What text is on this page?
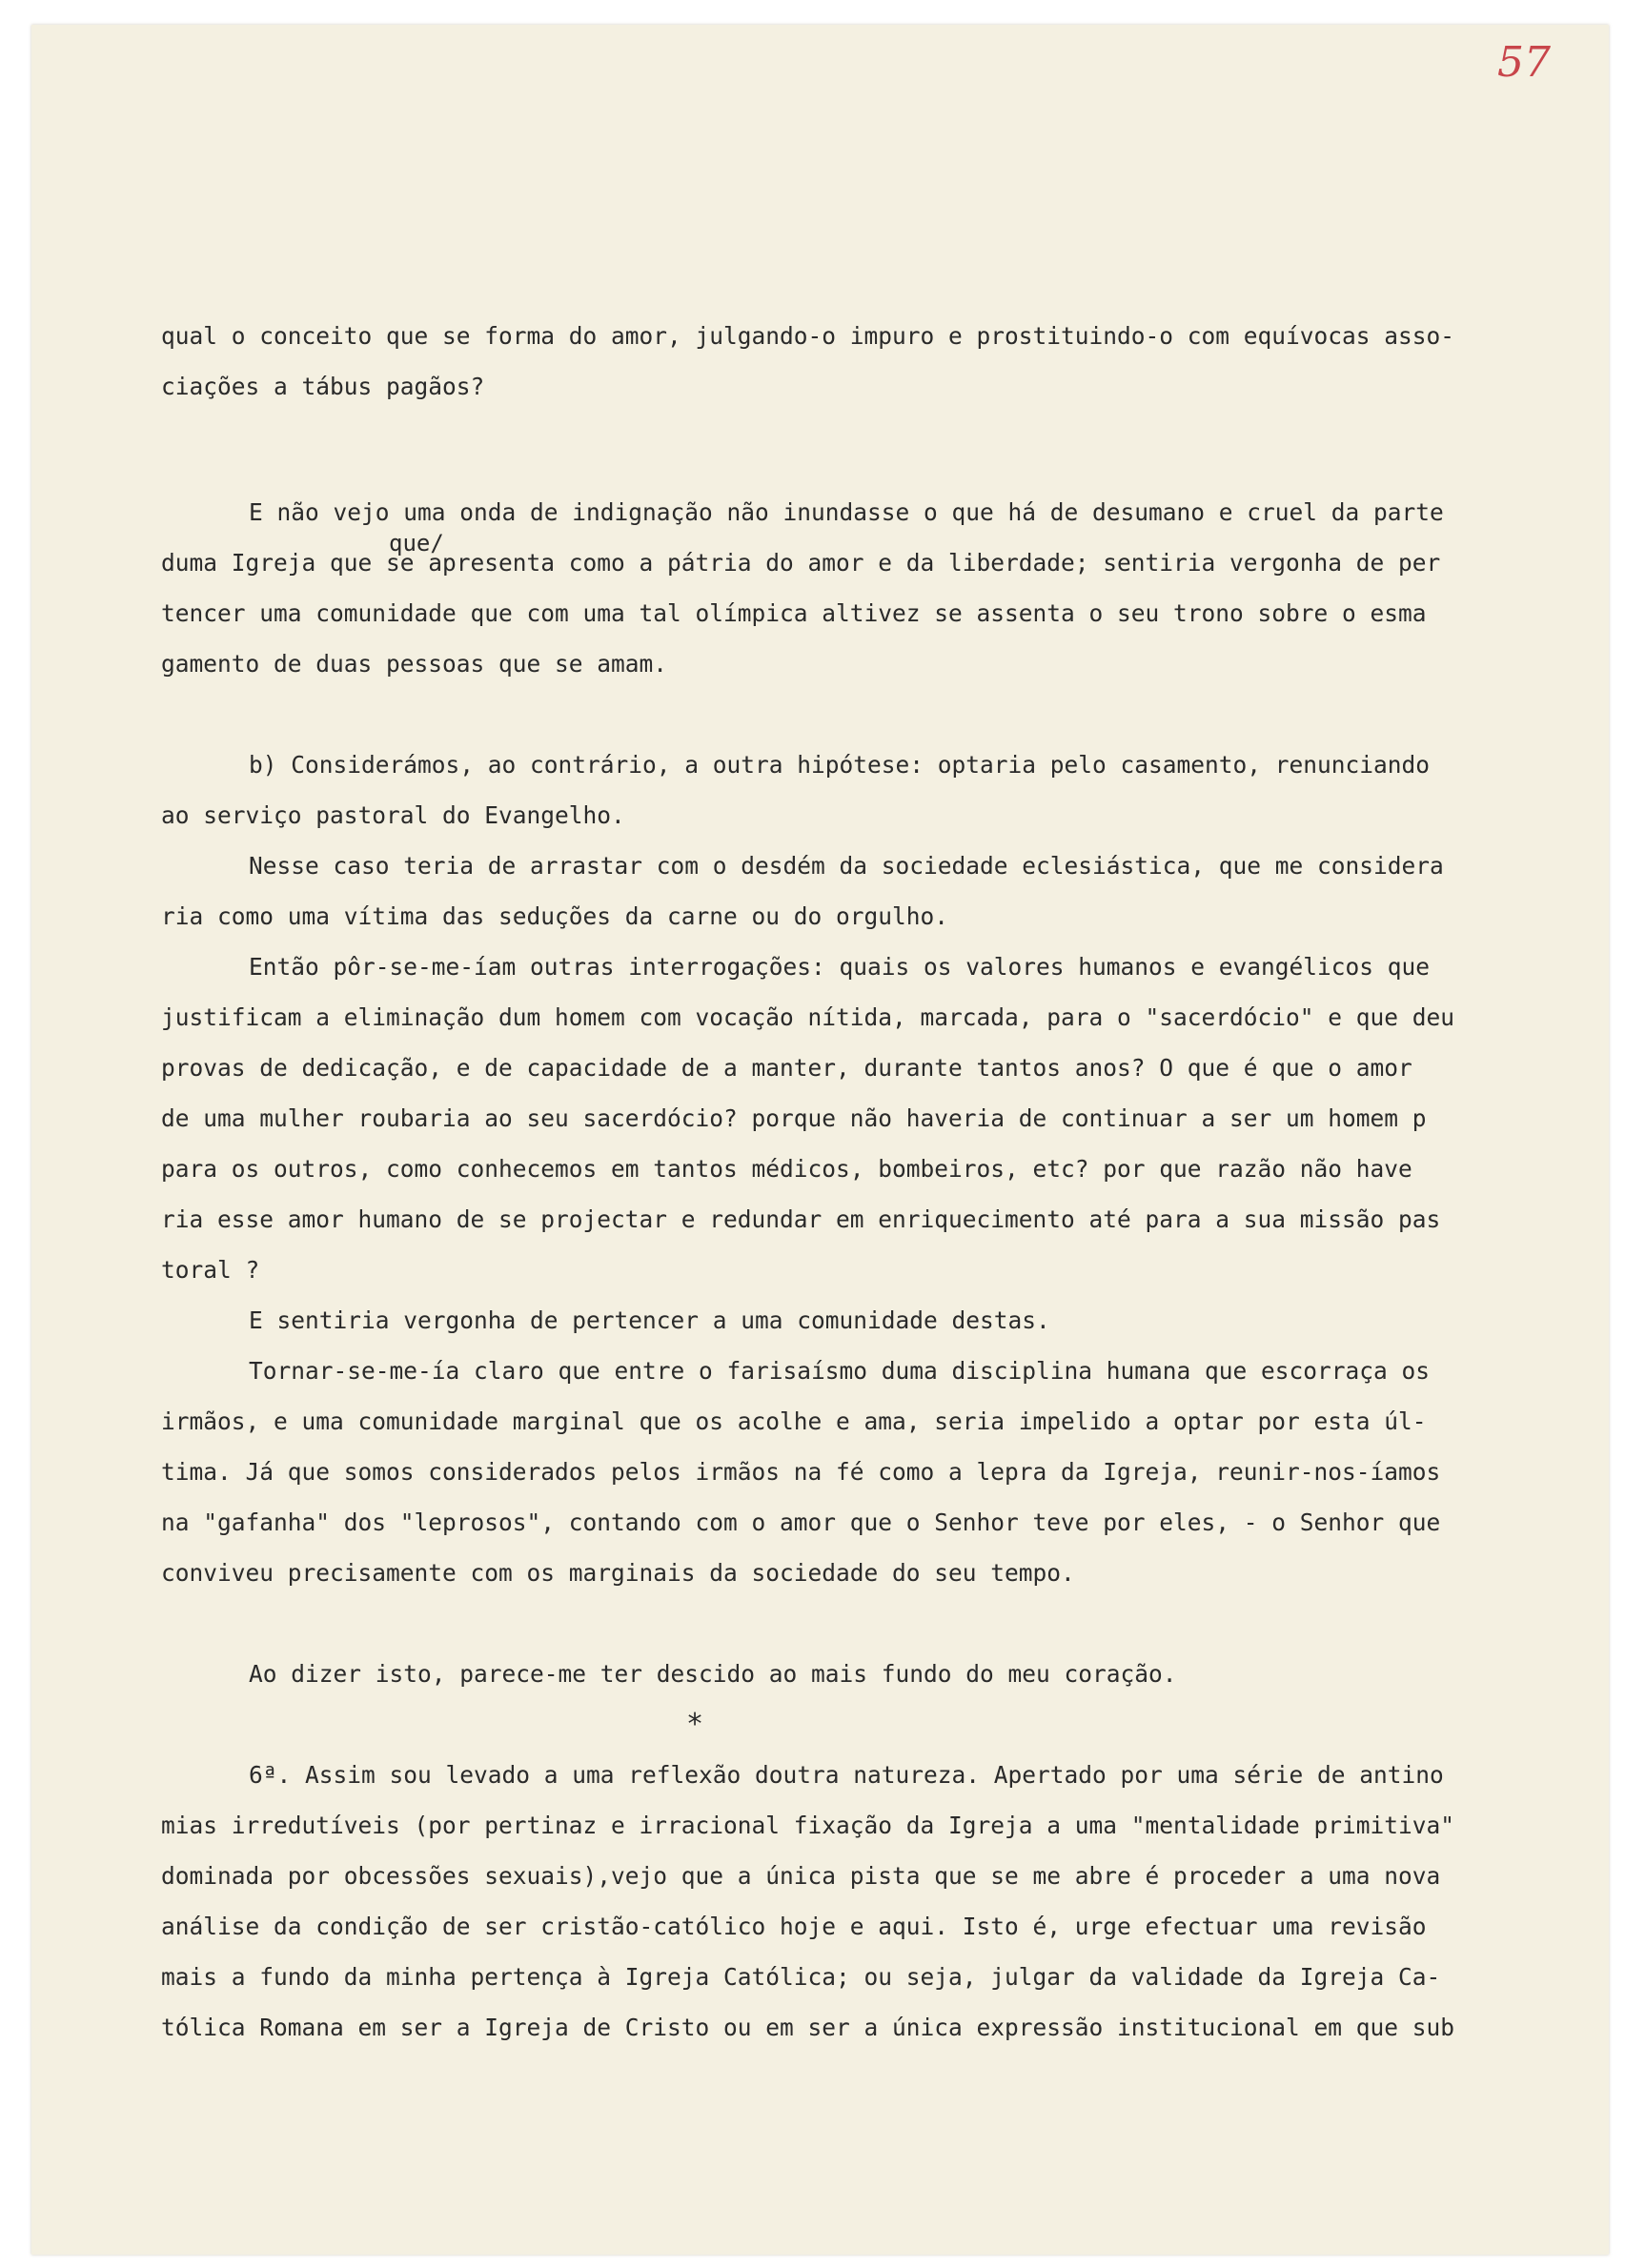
57
que/
qual o conceito que se forma do amor, julgando-o impuro e prostituindo-o com equívocas asso-
ciações a tábus pagãos?
E não vejo uma onda de indignação não inundasse o que há de desumano e cruel da parte
duma Igreja que se apresenta como a pátria do amor e da liberdade; sentiria vergonha de per
tencer uma comunidade que com uma tal olímpica altivez se assenta o seu trono sobre o esma
gamento de duas pessoas que se amam.
b) Considerámos, ao contrário, a outra hipótese: optaria pelo casamento, renunciando
ao serviço pastoral do Evangelho.
Nesse caso teria de arrastar com o desdém da sociedade eclesiástica, que me considera
ria como uma vítima das seduções da carne ou do orgulho.
Então pôr-se-me-íam outras interrogações: quais os valores humanos e evangélicos que
justificam a eliminação dum homem com vocação nítida, marcada, para o "sacerdócio" e que deu
provas de dedicação, e de capacidade de a manter, durante tantos anos? O que é que o amor
de uma mulher roubaria ao seu sacerdócio? porque não haveria de continuar a ser um homem p
para os outros, como conhecemos em tantos médicos, bombeiros, etc? por que razão não have
ria esse amor humano de se projectar e redundar em enriquecimento até para a sua missão pas
toral ?
E sentiria vergonha de pertencer a uma comunidade destas.
Tornar-se-me-ía claro que entre o farisaísmo duma disciplina humana que escorraça os
irmãos, e uma comunidade marginal que os acolhe e ama, seria impelido a optar por esta úl-
tima. Já que somos considerados pelos irmãos na fé como a lepra da Igreja, reunir-nos-íamos
na "gafanha" dos "leprosos", contando com o amor que o Senhor teve por eles, - o Senhor que
conviveu precisamente com os marginais da sociedade do seu tempo.
Ao dizer isto, parece-me ter descido ao mais fundo do meu coração.
*
6ª. Assim sou levado a uma reflexão doutra natureza. Apertado por uma série de antino
mias irredutíveis (por pertinaz e irracional fixação da Igreja a uma "mentalidade primitiva"
dominada por obcessões sexuais),vejo que a única pista que se me abre é proceder a uma nova
análise da condição de ser cristão-católico hoje e aqui. Isto é, urge efectuar uma revisão
mais a fundo da minha pertença à Igreja Católica; ou seja, julgar da validade da Igreja Ca-
tólica Romana em ser a Igreja de Cristo ou em ser a única expressão institucional em que sub
